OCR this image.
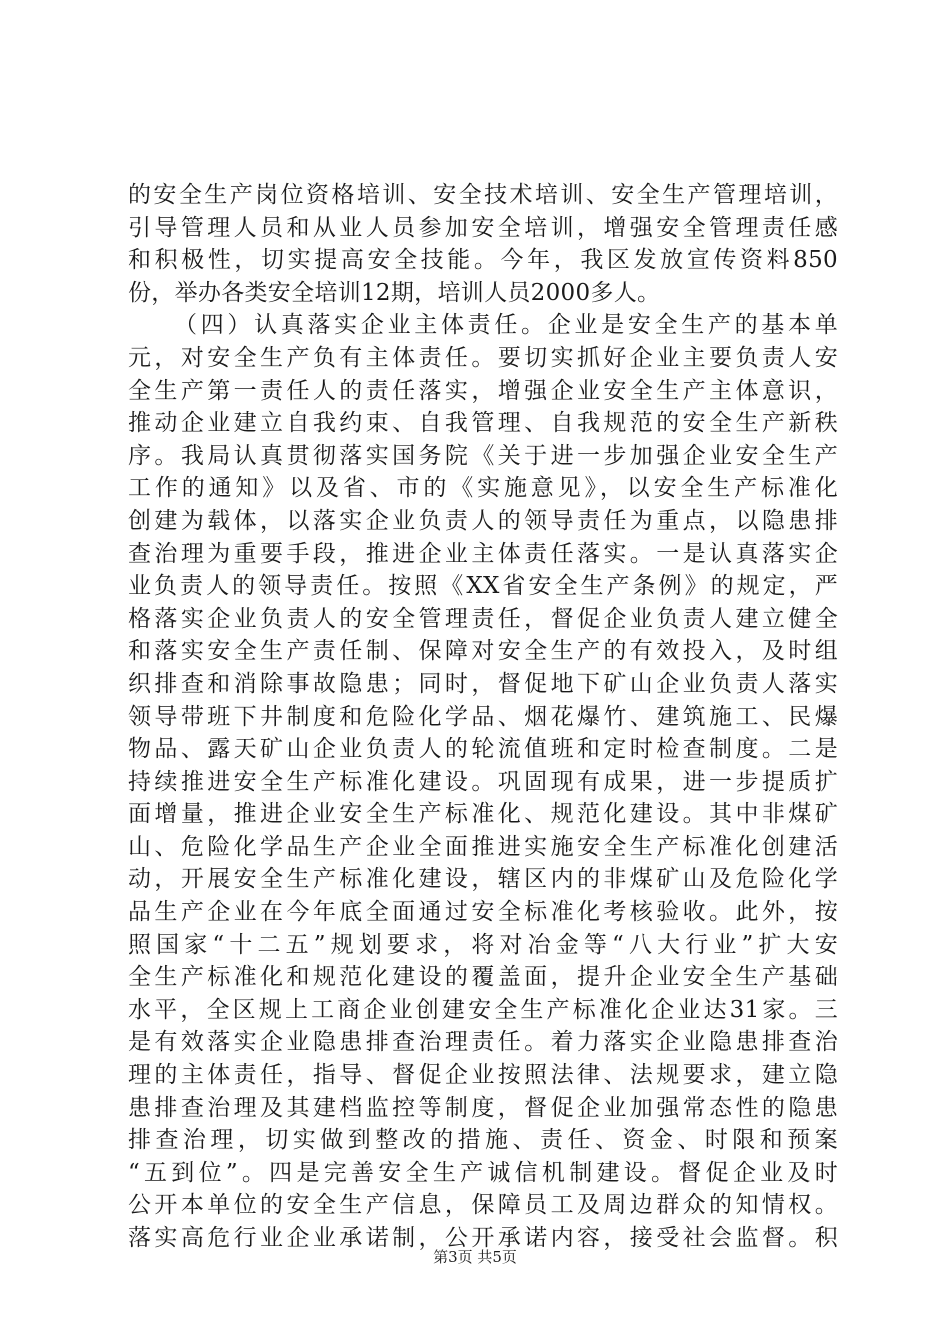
的安全生产岗位资格培训、安全技术培训、安全生产管理培训，
引导管理人员和从业人员参加安全培训，增强安全管理责任感
和积极性，切实提高安全技能。今年，我区发放宣传资料850
份，举办各类安全培训12期，培训人员2000多人。
（四）认真落实企业主体责任。企业是安全生产的基本单
元，对安全生产负有主体责任。要切实抓好企业主要负责人安
全生产第一责任人的责任落实，增强企业安全生产主体意识，
推动企业建立自我约束、自我管理、自我规范的安全生产新秩
序。我局认真贯彻落实国务院《关于进一步加强企业安全生产
工作的通知》以及省、市的《实施意见》，以安全生产标准化
创建为载体，以落实企业负责人的领导责任为重点，以隐患排
查治理为重要手段，推进企业主体责任落实。一是认真落实企
业负责人的领导责任。按照《XX省安全生产条例》的规定，严
格落实企业负责人的安全管理责任，督促企业负责人建立健全
和落实安全生产责任制、保障对安全生产的有效投入，及时组
织排查和消除事故隐患；同时，督促地下矿山企业负责人落实
领导带班下井制度和危险化学品、烟花爆竹、建筑施工、民爆
物品、露天矿山企业负责人的轮流值班和定时检查制度。二是
持续推进安全生产标准化建设。巩固现有成果，进一步提质扩
面增量，推进企业安全生产标准化、规范化建设。其中非煤矿
山、危险化学品生产企业全面推进实施安全生产标准化创建活
动，开展安全生产标准化建设，辖区内的非煤矿山及危险化学
品生产企业在今年底全面通过安全标准化考核验收。此外，按
照国家“十二五”规划要求，将对冶金等“八大行业”扩大安
全生产标准化和规范化建设的覆盖面，提升企业安全生产基础
水平，全区规上工商企业创建安全生产标准化企业达31家。三
是有效落实企业隐患排查治理责任。着力落实企业隐患排查治
理的主体责任，指导、督促企业按照法律、法规要求，建立隐
患排查治理及其建档监控等制度，督促企业加强常态性的隐患
排查治理，切实做到整改的措施、责任、资金、时限和预案
“五到位”。四是完善安全生产诚信机制建设。督促企业及时
公开本单位的安全生产信息，保障员工及周边群众的知情权。
落实高危行业企业承诺制，公开承诺内容，接受社会监督。积
第3页 共5页
